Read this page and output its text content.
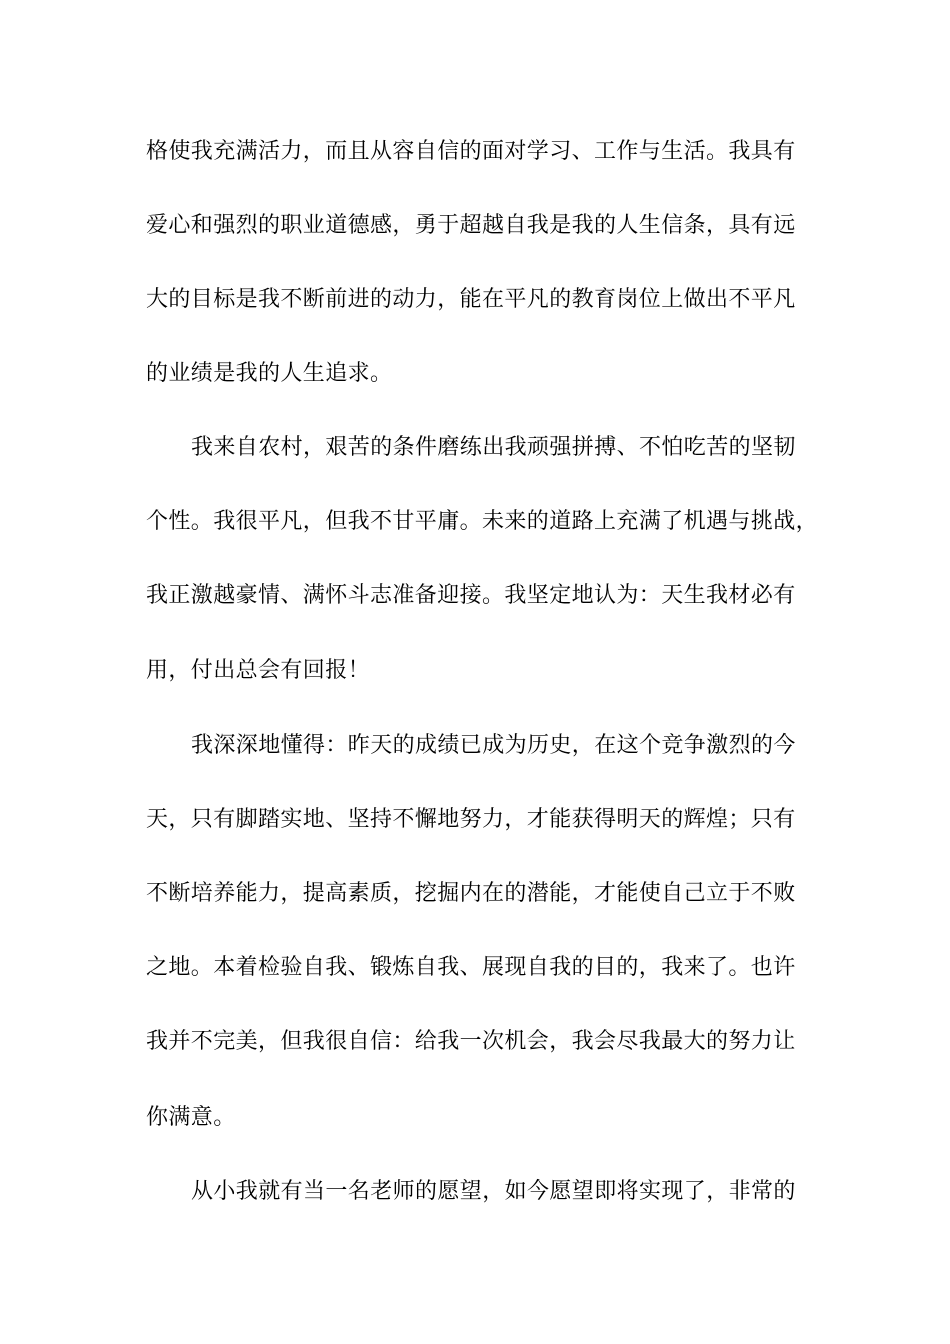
格使我充满活力，而且从容自信的面对学习、工作与生活。我具有
爱心和强烈的职业道德感，勇于超越自我是我的人生信条，具有远
大的目标是我不断前进的动力，能在平凡的教育岗位上做出不平凡
的业绩是我的人生追求。
我来自农村，艰苦的条件磨练出我顽强拼搏、不怕吃苦的坚韧
个性。我很平凡，但我不甘平庸。未来的道路上充满了机遇与挑战，
我正激越豪情、满怀斗志准备迎接。我坚定地认为：天生我材必有
用，付出总会有回报！
我深深地懂得：昨天的成绩已成为历史，在这个竞争激烈的今
天，只有脚踏实地、坚持不懈地努力，才能获得明天的辉煌；只有
不断培养能力，提高素质，挖掘内在的潜能，才能使自己立于不败
之地。本着检验自我、锻炼自我、展现自我的目的，我来了。也许
我并不完美，但我很自信：给我一次机会，我会尽我最大的努力让
你满意。
从小我就有当一名老师的愿望，如今愿望即将实现了，非常的
